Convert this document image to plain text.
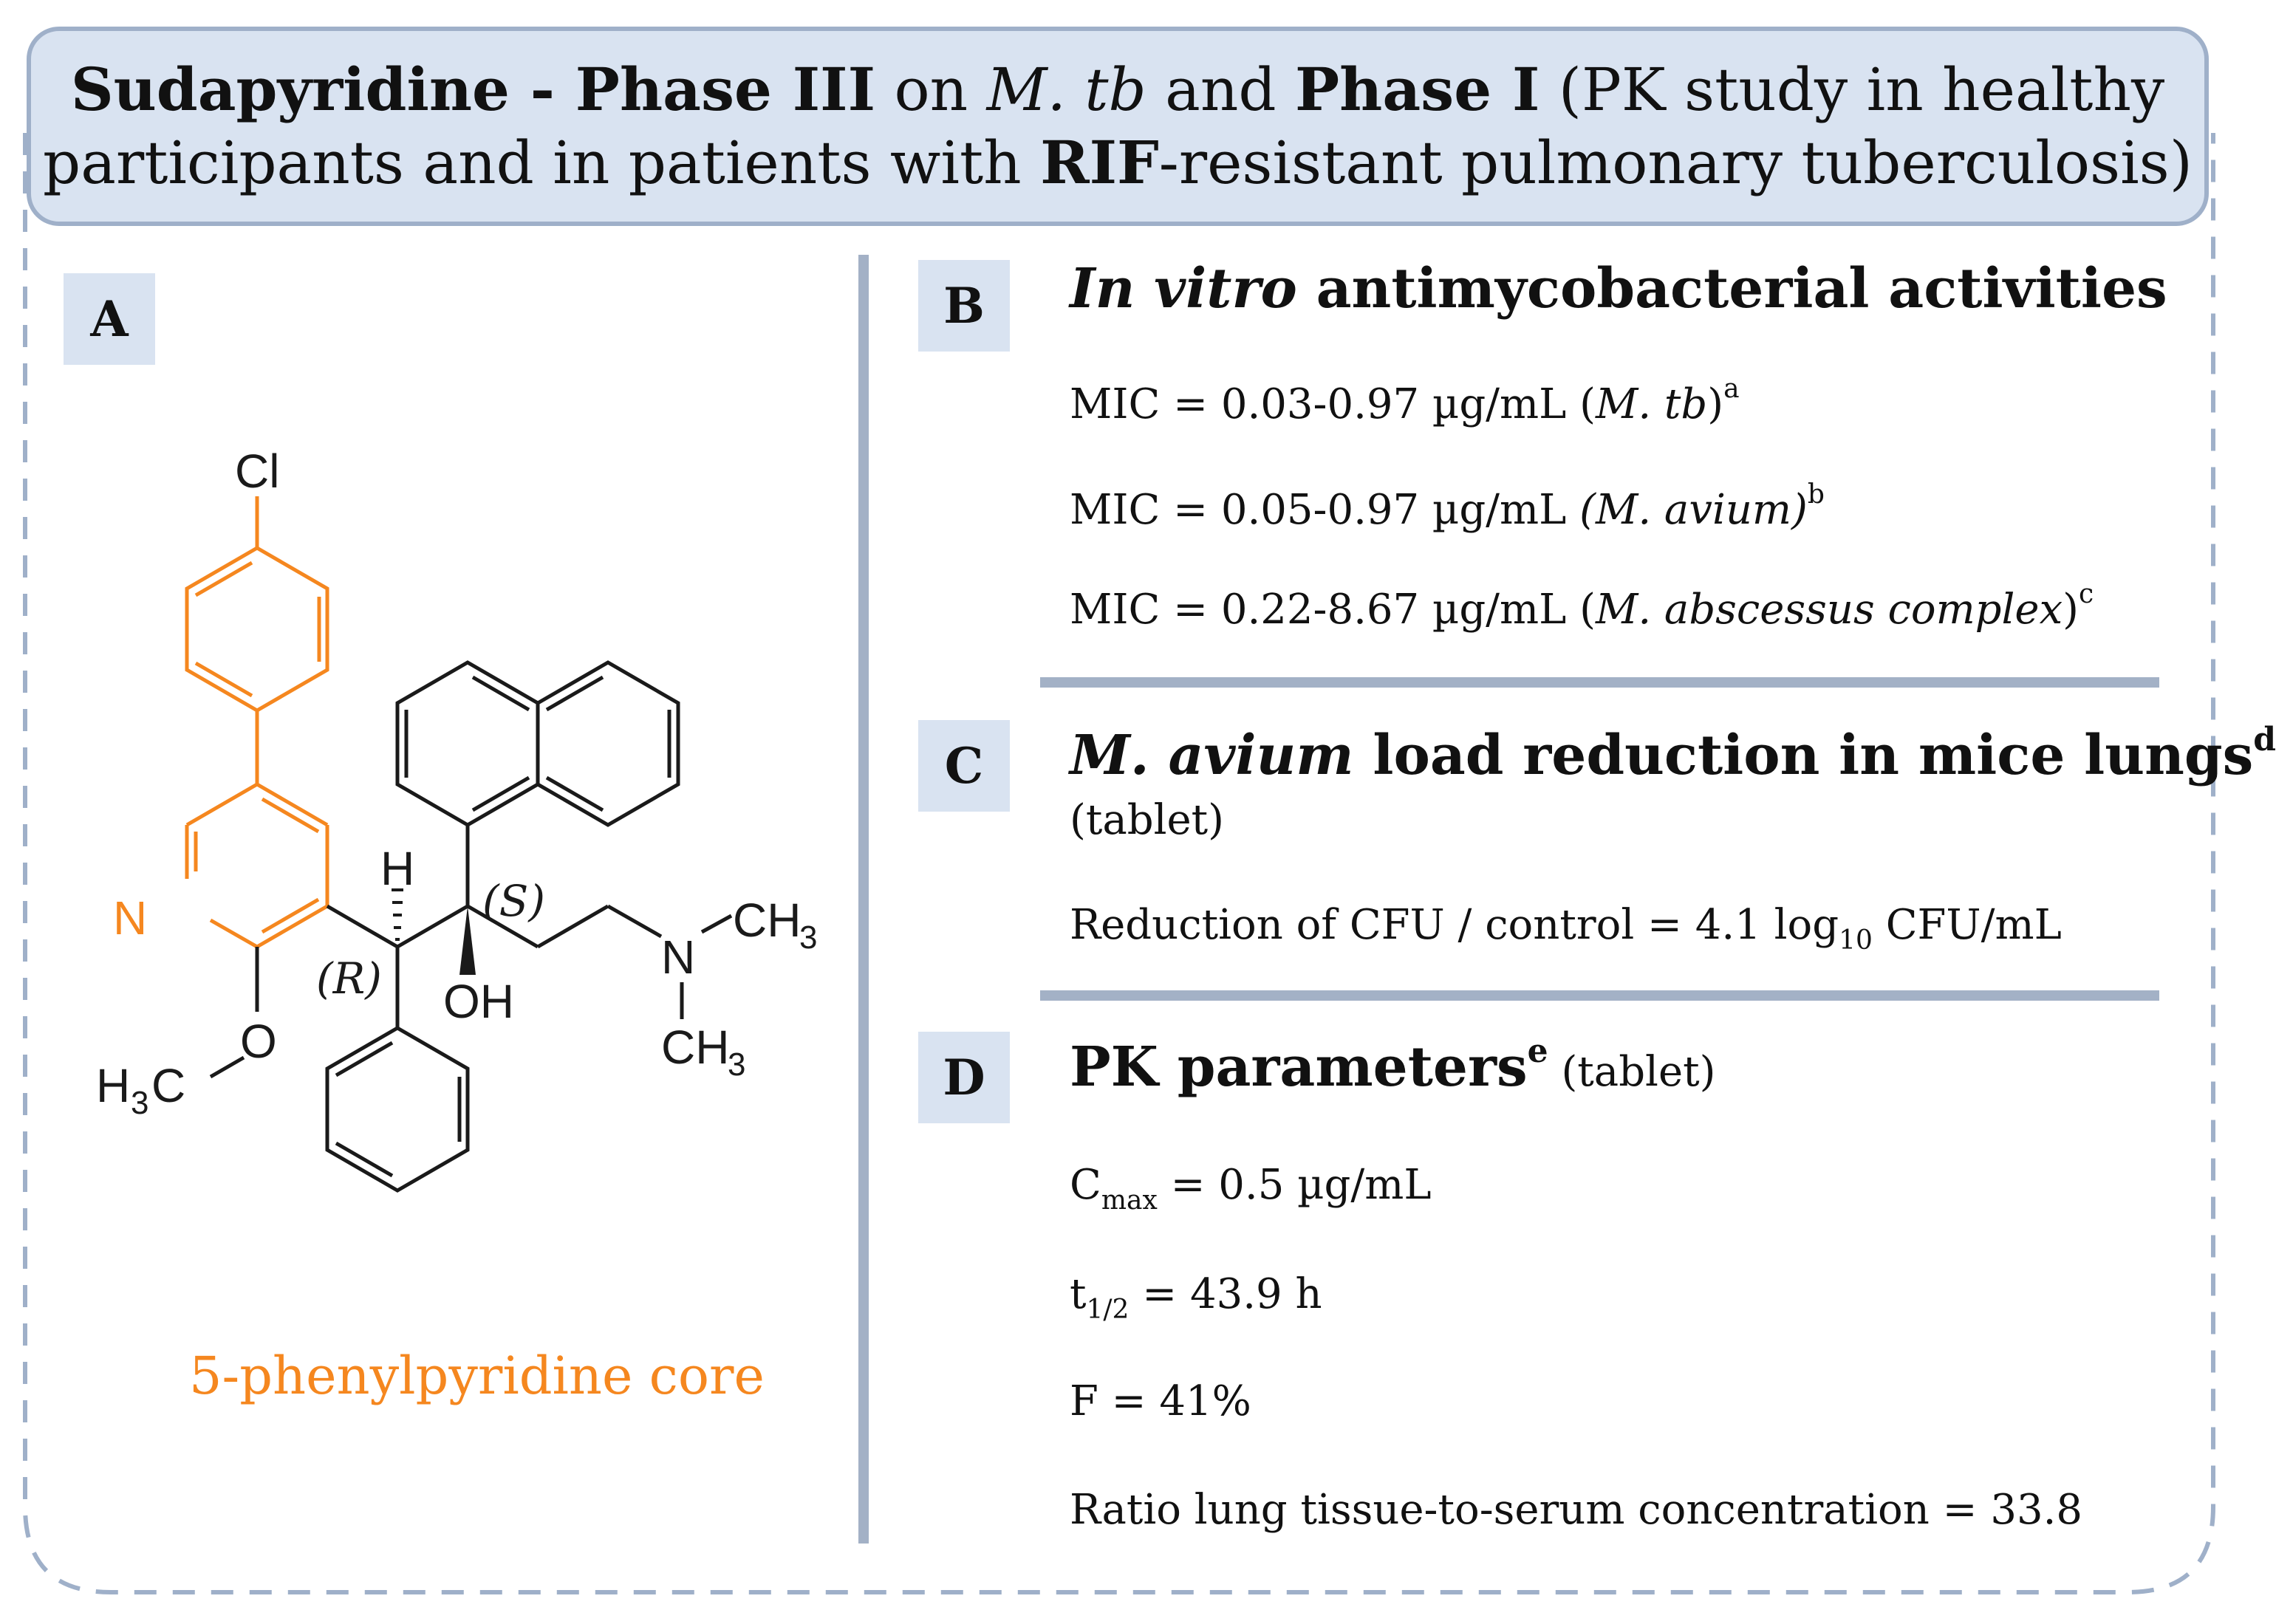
Sudapyridine - Phase III on M. tb and Phase I (PK study in healthy
participants and in patients with RIF-resistant pulmonary tuberculosis)
A
N
Cl
O
H 3 C
H
OH
N
CH
3
CH
3
(R)
(S)
5-phenylpyridine core
B In vitro antimycobacterial activities
MIC = 0.03-0.97 µg/mL (M. tb)$^a$
MIC = 0.05-0.97 µg/mL (M. avium)$^b$
MIC = 0.22-8.67 µg/mL (M. abscessus complex)$^c$
C M. avium load reduction in mice lungs$^d$
(tablet)
Reduction of CFU / control = 4.1 $\log_{10} CFU/mL$
D PK parameters$^e$ (tablet)
$C_{max} = 0.5$ µg/mL
$t_{1/2} = 43.9$ h
F = 41%
Ratio lung tissue-to-serum concentration = 33.8
